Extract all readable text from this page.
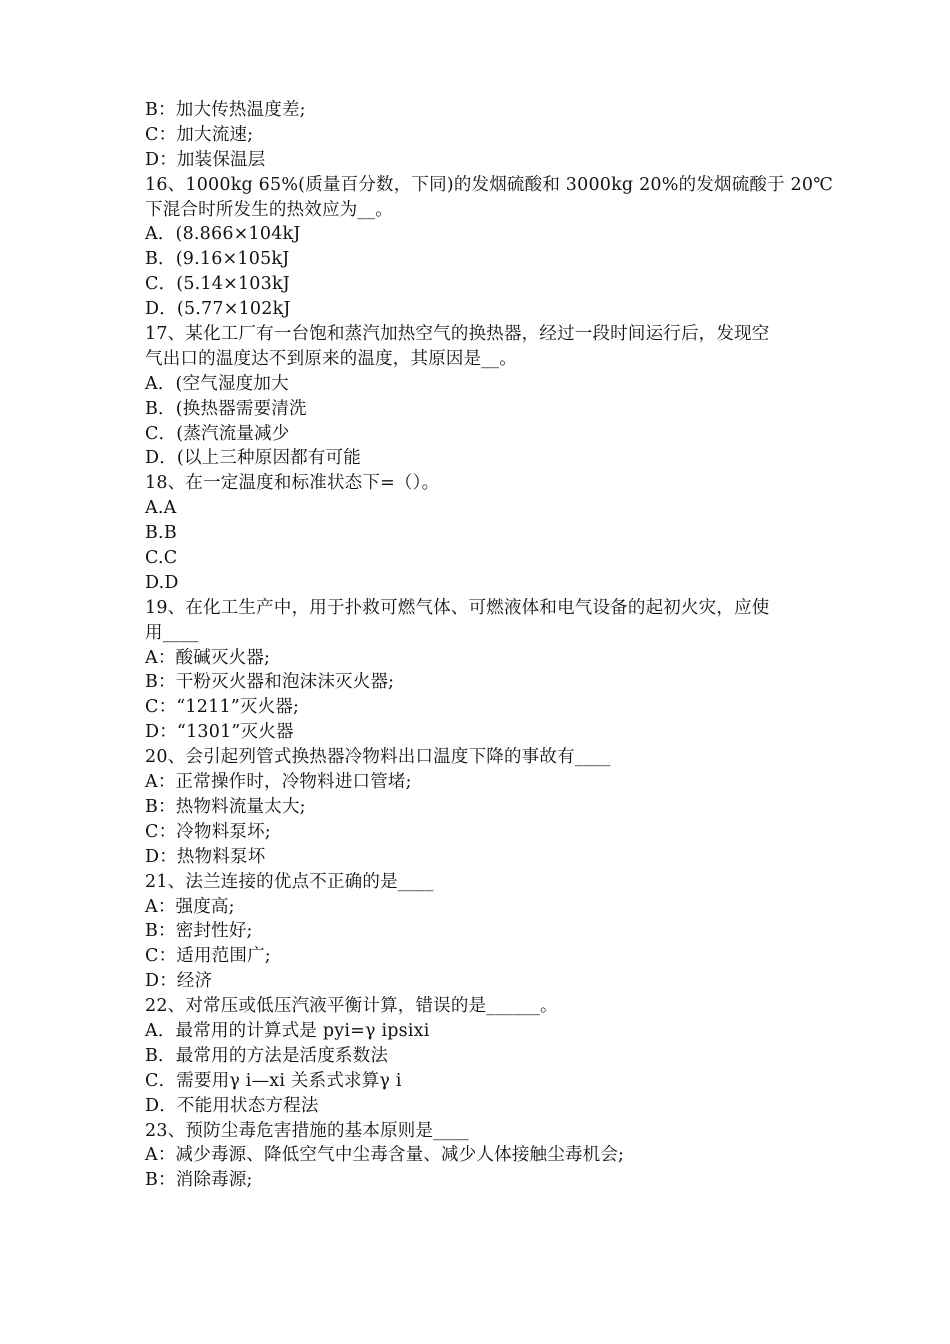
B：加大传热温度差;
C：加大流速;
D：加装保温层
16、1000kg 65%(质量百分数，下同)的发烟硫酸和 3000kg 20%的发烟硫酸于 20℃
下混合时所发生的热效应为__。
A．(8.866×104kJ
B．(9.16×105kJ
C．(5.14×103kJ
D．(5.77×102kJ
17、某化工厂有一台饱和蒸汽加热空气的换热器，经过一段时间运行后，发现空
气出口的温度达不到原来的温度，其原因是__。
A．(空气湿度加大
B．(换热器需要清洗
C．(蒸汽流量减少
D．(以上三种原因都有可能
18、在一定温度和标准状态下=（）。
A.A
B.B
C.C
D.D
19、在化工生产中，用于扑救可燃气体、可燃液体和电气设备的起初火灾，应使
用____
A：酸碱灭火器;
B：干粉灭火器和泡沫沫灭火器;
C：“1211”灭火器;
D：“1301”灭火器
20、会引起列管式换热器冷物料出口温度下降的事故有____
A：正常操作时，冷物料进口管堵;
B：热物料流量太大;
C：冷物料泵坏;
D：热物料泵坏
21、法兰连接的优点不正确的是____
A：强度高;
B：密封性好;
C：适用范围广;
D：经济
22、对常压或低压汽液平衡计算，错误的是______。
A．最常用的计算式是 pyi=γ ipsixi
B．最常用的方法是活度系数法
C．需要用γ i—xi 关系式求算γ i
D．不能用状态方程法
23、预防尘毒危害措施的基本原则是____
A：减少毒源、降低空气中尘毒含量、减少人体接触尘毒机会;
B：消除毒源;
